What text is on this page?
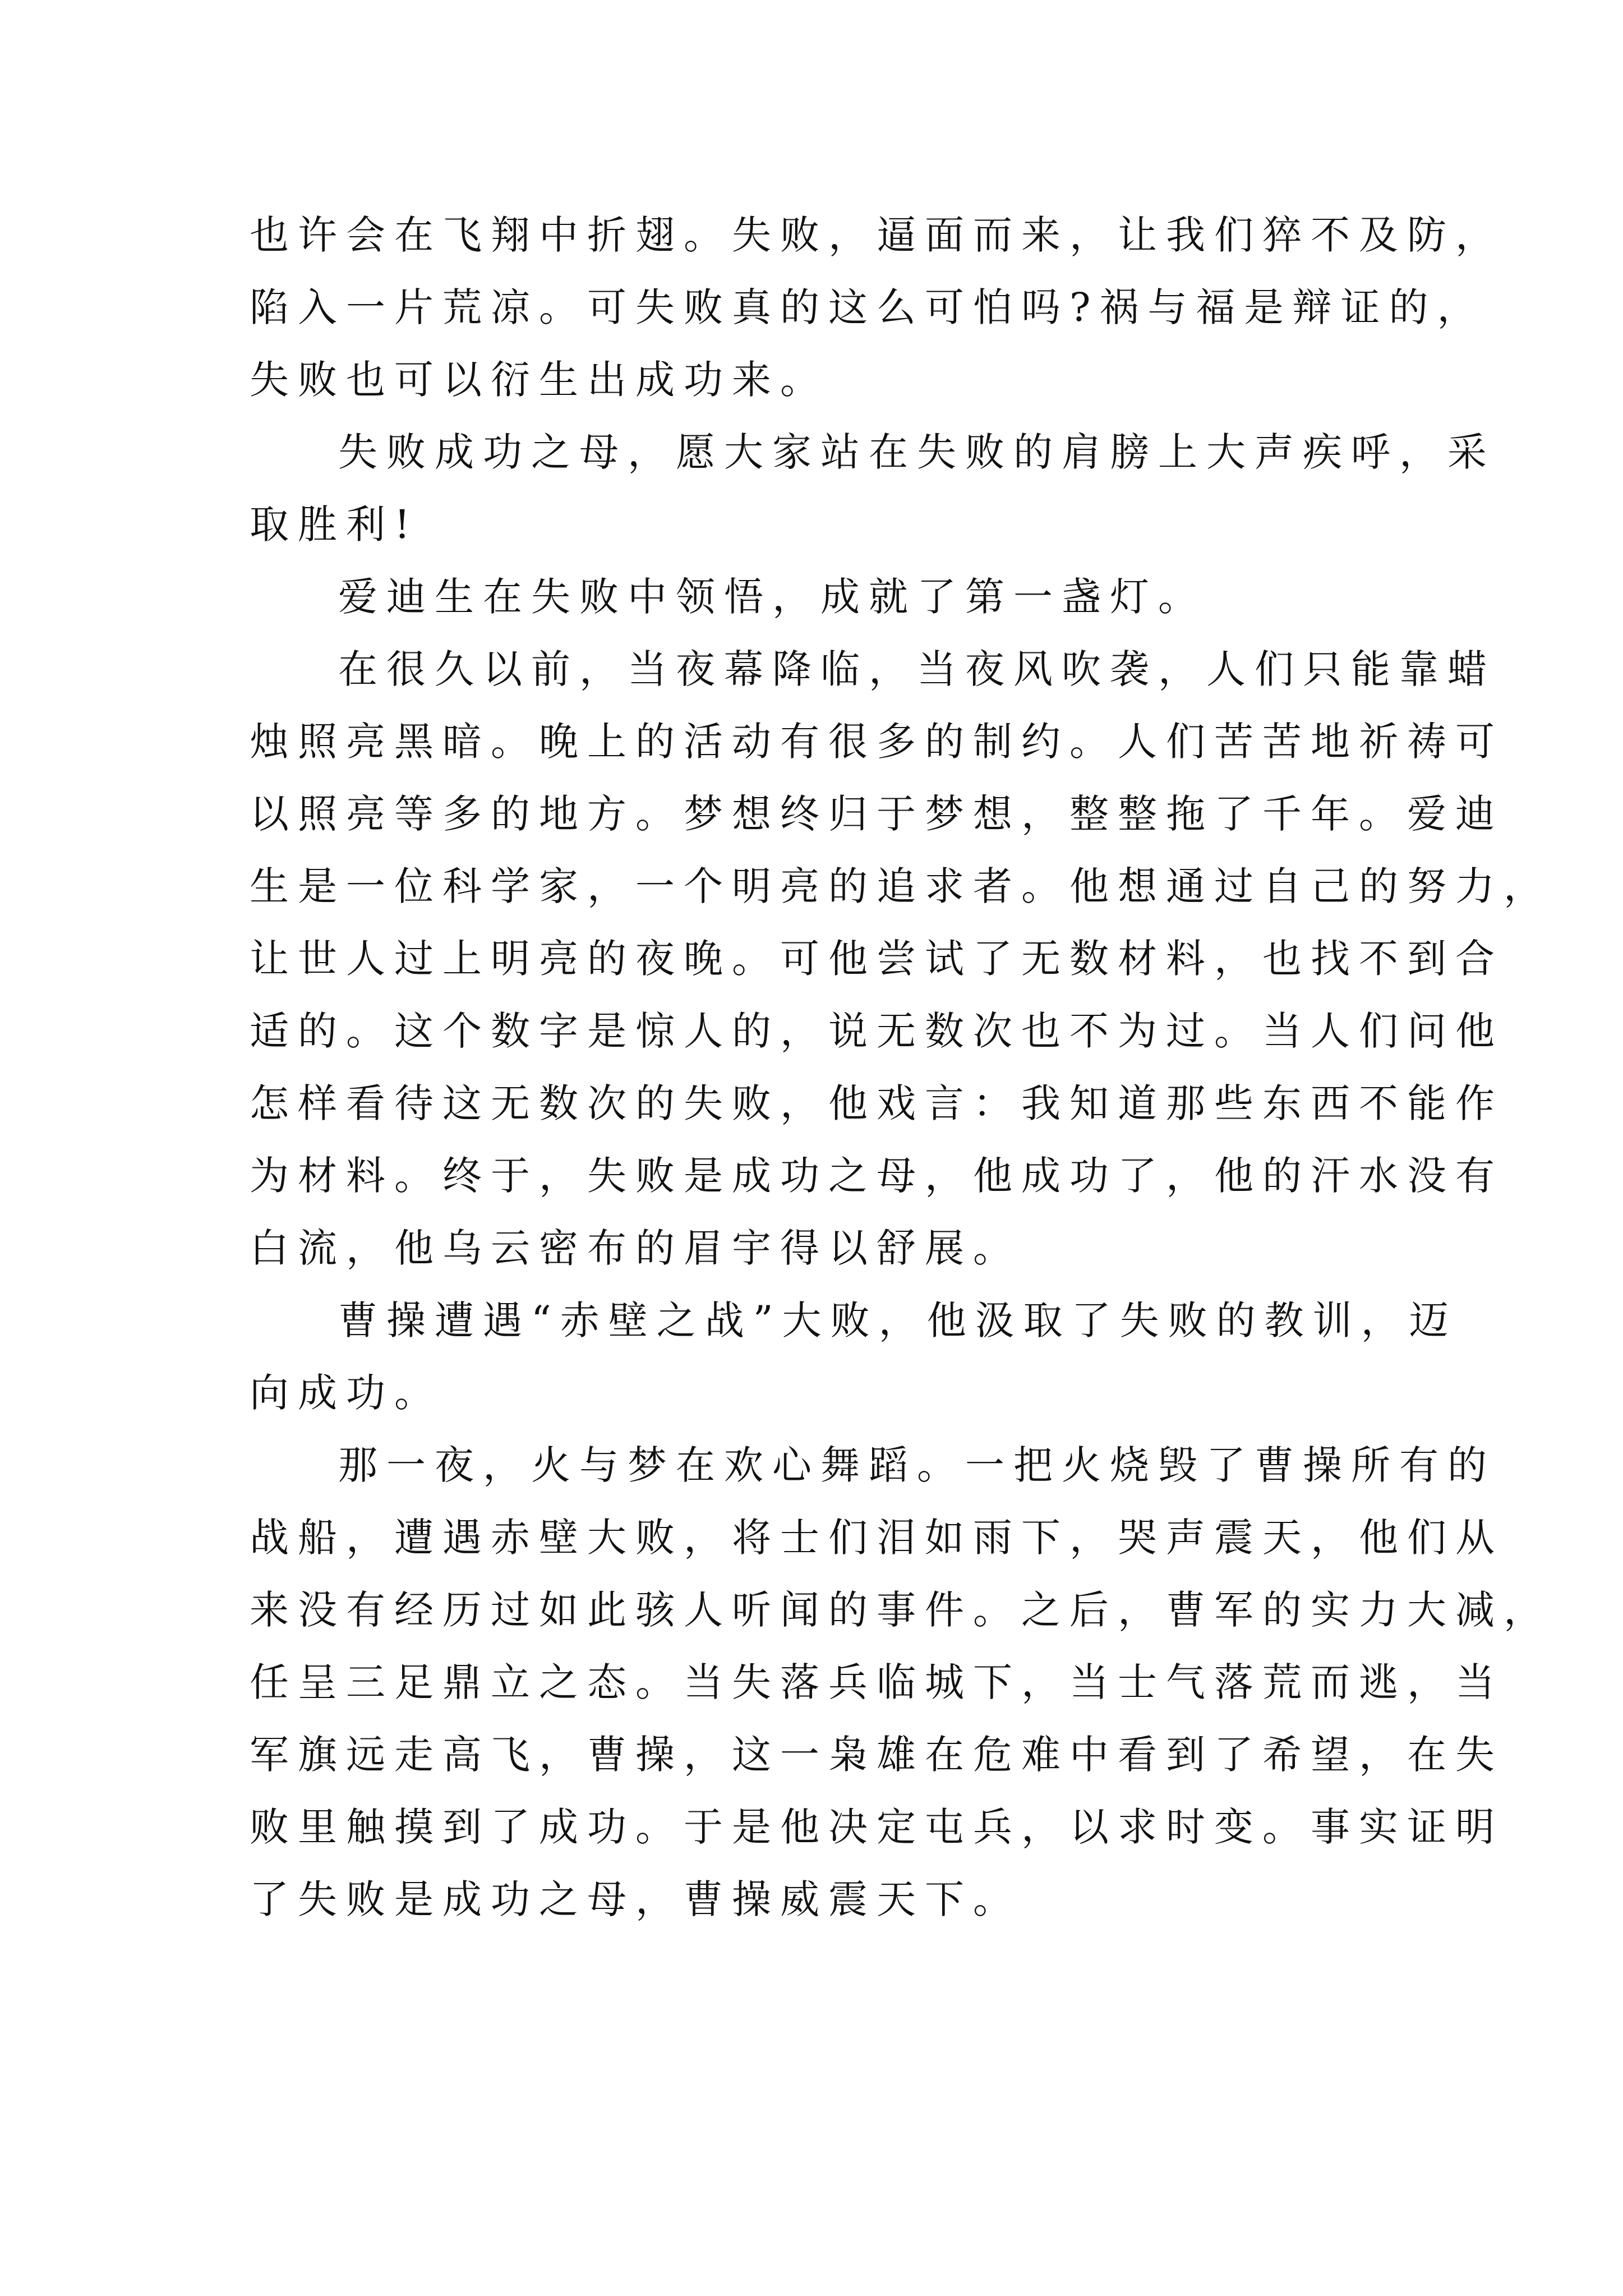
也许会在飞翔中折翅。失败，逼面而来，让我们猝不及防，
陷入一片荒凉。可失败真的这么可怕吗?祸与福是辩证的，
失败也可以衍生出成功来。

失败成功之母，愿大家站在失败的肩膀上大声疾呼，采
取胜利!

爱迪生在失败中领悟，成就了第一盏灯。

在很久以前，当夜幕降临，当夜风吹袭，人们只能靠蜡
烛照亮黑暗。晚上的活动有很多的制约。人们苦苦地祈祷可
以照亮等多的地方。梦想终归于梦想，整整拖了千年。爱迪
生是一位科学家，一个明亮的追求者。他想通过自己的努力，
让世人过上明亮的夜晚。可他尝试了无数材料，也找不到合
适的。这个数字是惊人的，说无数次也不为过。当人们问他
怎样看待这无数次的失败，他戏言：我知道那些东西不能作
为材料。终于，失败是成功之母，他成功了，他的汗水没有
白流，他乌云密布的眉宇得以舒展。

曹操遭遇“赤壁之战”大败，他汲取了失败的教训，迈
向成功。

那一夜，火与梦在欢心舞蹈。一把火烧毁了曹操所有的
战船，遭遇赤壁大败，将士们泪如雨下，哭声震天，他们从
来没有经历过如此骇人听闻的事件。之后，曹军的实力大减，
任呈三足鼎立之态。当失落兵临城下，当士气落荒而逃，当
军旗远走高飞，曹操，这一枭雄在危难中看到了希望，在失
败里触摸到了成功。于是他决定屯兵，以求时变。事实证明
了失败是成功之母，曹操威震天下。
